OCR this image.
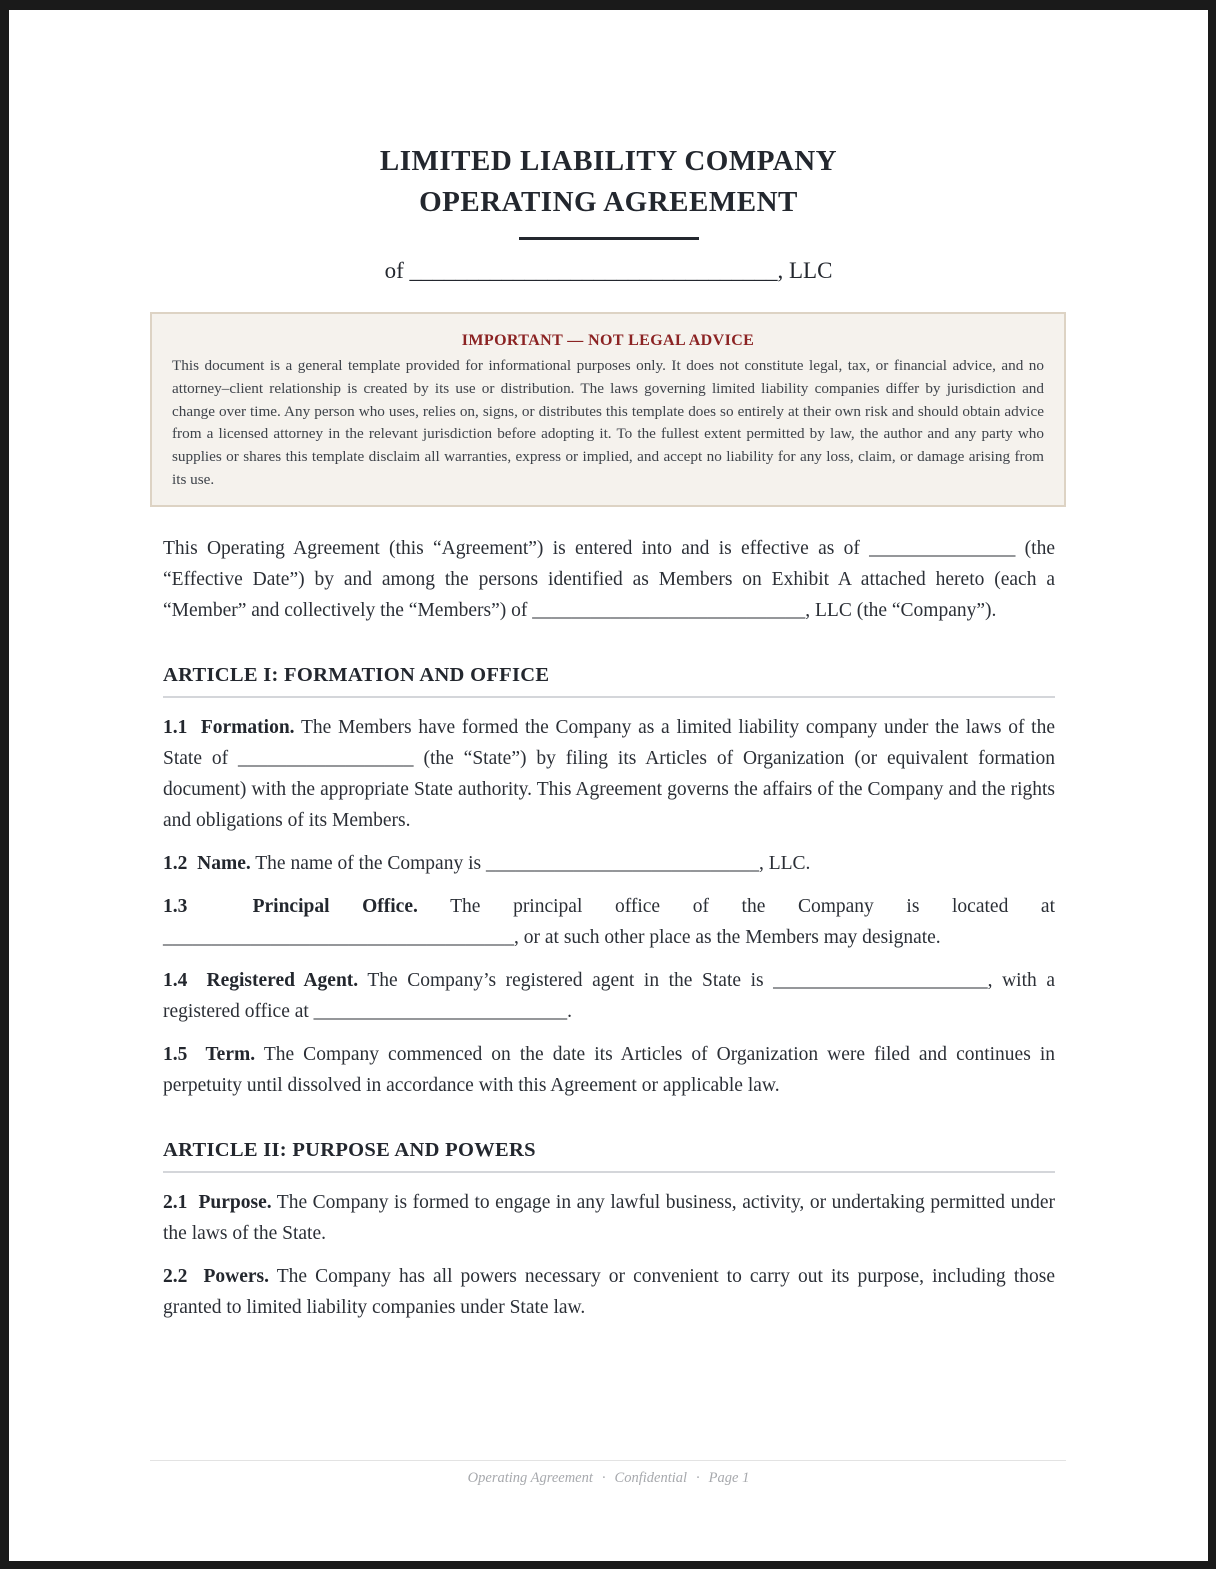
LIMITED LIABILITY COMPANY
OPERATING AGREEMENT
of ________________________________, LLC
IMPORTANT — NOT LEGAL ADVICE
This document is a general template provided for informational purposes only. It does not constitute legal, tax, or financial advice, and no attorney–client relationship is created by its use or distribution. The laws governing limited liability companies differ by jurisdiction and change over time. Any person who uses, relies on, signs, or distributes this template does so entirely at their own risk and should obtain advice from a licensed attorney in the relevant jurisdiction before adopting it. To the fullest extent permitted by law, the author and any party who supplies or shares this template disclaim all warranties, express or implied, and accept no liability for any loss, claim, or damage arising from its use.

This Operating Agreement (this “Agreement”) is entered into and is effective as of _______________ (the “Effective Date”) by and among the persons identified as Members on Exhibit A attached hereto (each a “Member” and collectively the “Members”) of ____________________________, LLC (the “Company”).

ARTICLE I: FORMATION AND OFFICE

1.1 Formation. The Members have formed the Company as a limited liability company under the laws of the State of __________________ (the “State”) by filing its Articles of Organization (or equivalent formation document) with the appropriate State authority. This Agreement governs the affairs of the Company and the rights and obligations of its Members.

1.2 Name. The name of the Company is ____________________________, LLC.

1.3	Principal Office. The principal office of the Company is located at ____________________________________, or at such other place as the Members may designate.

1.4 Registered Agent. The Company’s registered agent in the State is ______________________, with a registered office at __________________________.

1.5 Term. The Company commenced on the date its Articles of Organization were filed and continues in perpetuity until dissolved in accordance with this Agreement or applicable law.

ARTICLE II: PURPOSE AND POWERS

2.1 Purpose. The Company is formed to engage in any lawful business, activity, or undertaking permitted under the laws of the State.

2.2 Powers. The Company has all powers necessary or convenient to carry out its purpose, including those granted to limited liability companies under State law.

Operating Agreement · Confidential · Page 1
